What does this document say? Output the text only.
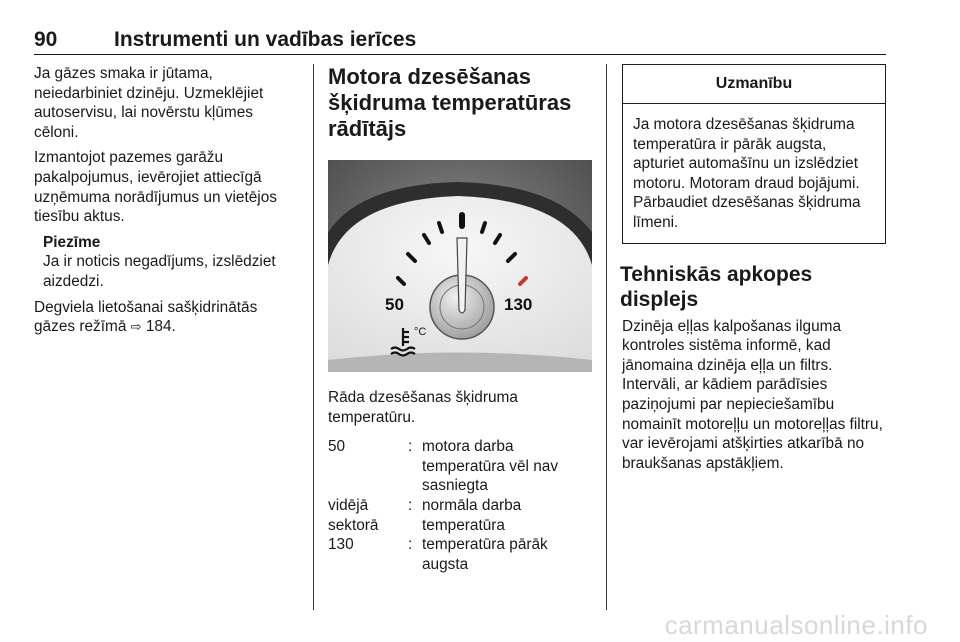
90	Instrumenti un vadības ierīces

Ja gāzes smaka ir jūtama, neiedarbiniet dzinēju. Uzmeklējiet autoservisu, lai novērstu kļūmes cēloni.

Izmantojot pazemes garāžu pakalpojumus, ievērojiet attiecīgā uzņēmuma norādījumus un vietējos tiesību aktus.

Piezīme
Ja ir noticis negadījums, izslēdziet aizdedzi.

Degviela lietošanai sašķidrinātās gāzes režīmā ⇨ 184.

Motora dzesēšanas šķidruma temperatūras rādītājs
50	130
°C
Rāda dzesēšanas šķidruma temperatūru.
50	: motora darba temperatūra vēl nav sasniegta
vidējā sektorā
: normāla darba temperatūra
130	: temperatūra pārāk augsta
Uzmanību
Ja motora dzesēšanas šķidruma temperatūra ir pārāk augsta, apturiet automašīnu un izslēdziet motoru. Motoram draud bojājumi. Pārbaudiet dzesēšanas šķidruma līmeni.
Tehniskās apkopes displejs

Dzinēja eļļas kalpošanas ilguma kontroles sistēma informē, kad jānomaina dzinēja eļļa un filtrs. Intervāli, ar kādiem parādīsies paziņojumi par nepieciešamību nomainīt motoreļļu un motoreļļas filtru, var ievērojami atšķirties atkarībā no braukšanas apstākļiem.

carmanualsonline.info
